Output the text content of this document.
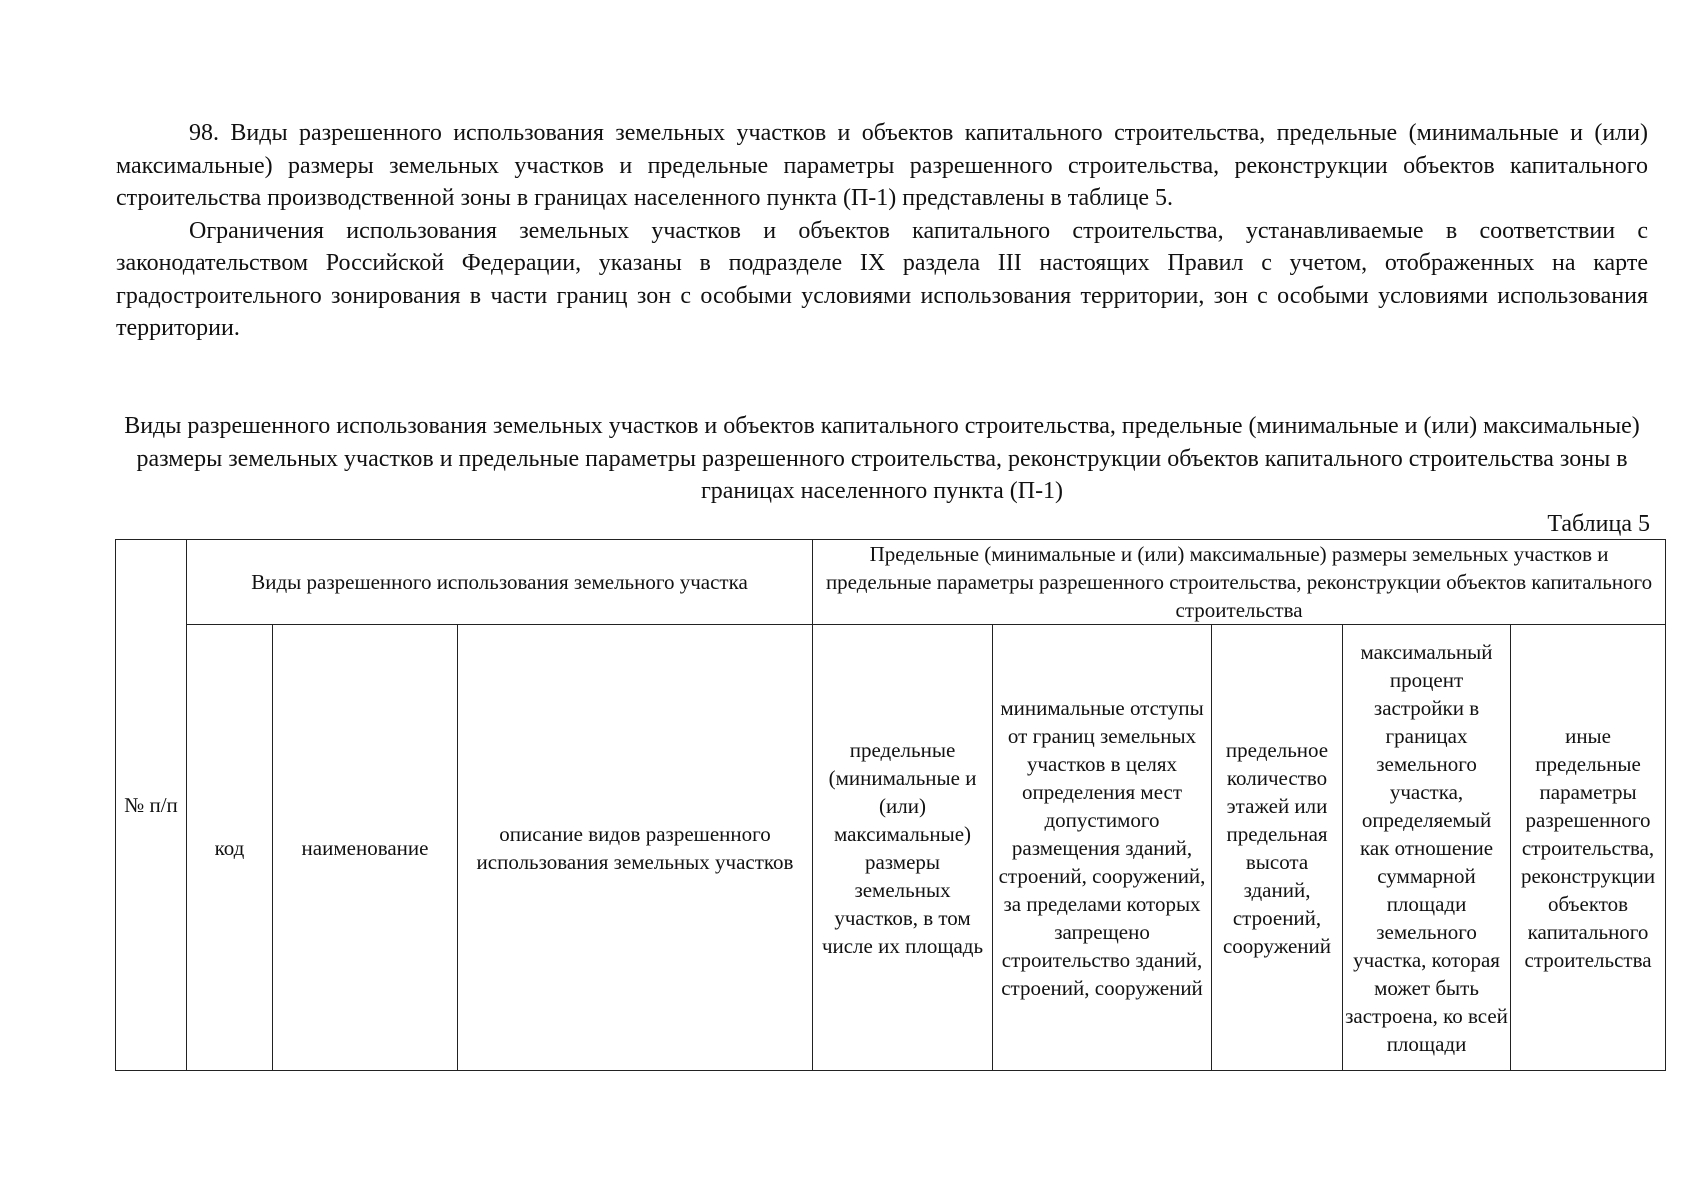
98. Виды разрешенного использования земельных участков и объектов капитального строительства, предельные (минимальные и (или) максимальные) размеры земельных участков и предельные параметры разрешенного строительства, реконструкции объектов капитального строительства производственной зоны в границах населенного пункта (П-1) представлены в таблице 5.

Ограничения использования земельных участков и объектов капитального строительства, устанавливаемые в соответствии с законодательством Российской Федерации, указаны в подразделе IX раздела III настоящих Правил с учетом, отображенных на карте градостроительного зонирования в части границ зон с особыми условиями использования территории, зон с особыми условиями использования территории.

Виды разрешенного использования земельных участков и объектов капитального строительства, предельные (минимальные и (или) максимальные) размеры земельных участков и предельные параметры разрешенного строительства, реконструкции объектов капитального строительства зоны в границах населенного пункта (П-1)

Таблица 5

№ п/п	Виды разрешенного использования земельного участка			Предельные (минимальные и (или) максимальные) размеры земельных участков и предельные параметры разрешенного строительства, реконструкции объектов капитального строительства				
	код	наименование	описание видов разрешенного использования земельных участков	предельные (минимальные и (или) максимальные) размеры земельных участков, в том числе их площадь	минимальные отступы от границ земельных участков в целях определения мест допустимого размещения зданий, строений, сооружений, за пределами которых запрещено строительство зданий, строений, сооружений	предельное количество этажей или предельная высота зданий, строений, сооружений	максимальный процент застройки в границах земельного участка, определяемый как отношение суммарной площади земельного участка, которая может быть застроена, ко всей площади	иные предельные параметры разрешенного строительства, реконструкции объектов капитального строительства
